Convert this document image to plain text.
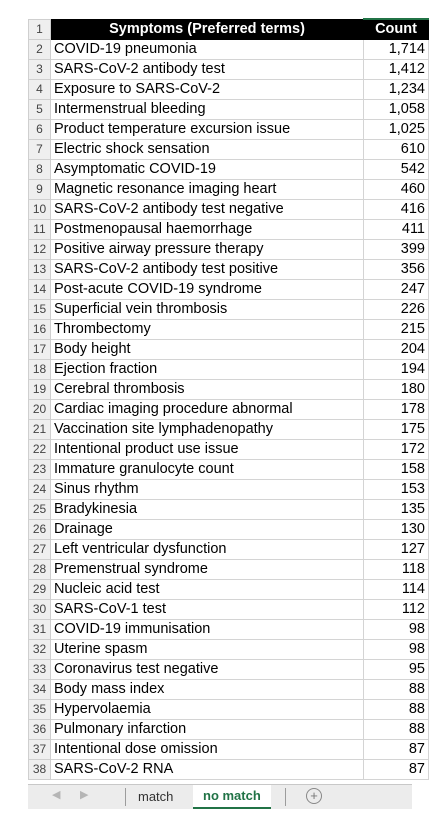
1	Symptoms (Preferred terms)	Count
2	COVID-19 pneumonia	1,714
3	SARS-CoV-2 antibody test	1,412
4	Exposure to SARS-CoV-2	1,234
5	Intermenstrual bleeding	1,058
6	Product temperature excursion issue	1,025
7	Electric shock sensation	610
8	Asymptomatic COVID-19	542
9	Magnetic resonance imaging heart	460
10	SARS-CoV-2 antibody test negative	416
11	Postmenopausal haemorrhage	411
12	Positive airway pressure therapy	399
13	SARS-CoV-2 antibody test positive	356
14	Post-acute COVID-19 syndrome	247
15	Superficial vein thrombosis	226
16	Thrombectomy	215
17	Body height	204
18	Ejection fraction	194
19	Cerebral thrombosis	180
20	Cardiac imaging procedure abnormal	178
21	Vaccination site lymphadenopathy	175
22	Intentional product use issue	172
23	Immature granulocyte count	158
24	Sinus rhythm	153
25	Bradykinesia	135
26	Drainage	130
27	Left ventricular dysfunction	127
28	Premenstrual syndrome	118
29	Nucleic acid test	114
30	SARS-CoV-1 test	112
31	COVID-19 immunisation	98
32	Uterine spasm	98
33	Coronavirus test negative	95
34	Body mass index	88
35	Hypervolaemia	88
36	Pulmonary infarction	88
37	Intentional dose omission	87
38	SARS-CoV-2 RNA	87
◀ ▶	match	no match	+
